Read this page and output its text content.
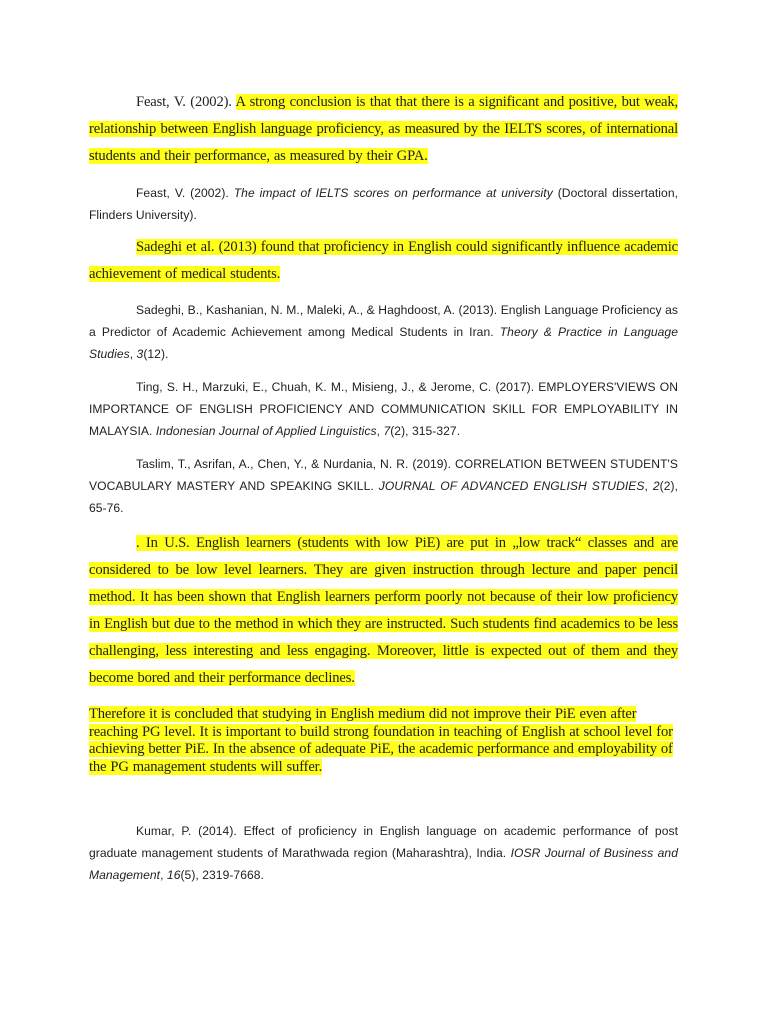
Feast, V. (2002). A strong conclusion is that that there is a significant and positive, but weak, relationship between English language proficiency, as measured by the IELTS scores, of international students and their performance, as measured by their GPA.

Feast, V. (2002). The impact of IELTS scores on performance at university (Doctoral dissertation, Flinders University).

Sadeghi et al. (2013) found that proficiency in English could significantly influence academic achievement of medical students.

Sadeghi, B., Kashanian, N. M., Maleki, A., & Haghdoost, A. (2013). English Language Proficiency as a Predictor of Academic Achievement among Medical Students in Iran. Theory & Practice in Language Studies, 3(12).

Ting, S. H., Marzuki, E., Chuah, K. M., Misieng, J., & Jerome, C. (2017). EMPLOYERS'VIEWS ON IMPORTANCE OF ENGLISH PROFICIENCY AND COMMUNICATION SKILL FOR EMPLOYABILITY IN MALAYSIA. Indonesian Journal of Applied Linguistics, 7(2), 315-327.

Taslim, T., Asrifan, A., Chen, Y., & Nurdania, N. R. (2019). CORRELATION BETWEEN STUDENT'S VOCABULARY MASTERY AND SPEAKING SKILL. JOURNAL OF ADVANCED ENGLISH STUDIES, 2(2), 65-76.

. In U.S. English learners (students with low PiE) are put in „low track“ classes and are considered to be low level learners. They are given instruction through lecture and paper pencil method. It has been shown that English learners perform poorly not because of their low proficiency in English but due to the method in which they are instructed. Such students find academics to be less challenging, less interesting and less engaging. Moreover, little is expected out of them and they become bored and their performance declines.

Therefore it is concluded that studying in English medium did not improve their PiE even after reaching PG level. It is important to build strong foundation in teaching of English at school level for achieving better PiE. In the absence of adequate PiE, the academic performance and employability of the PG management students will suffer.

Kumar, P. (2014). Effect of proficiency in English language on academic performance of post graduate management students of Marathwada region (Maharashtra), India. IOSR Journal of Business and Management, 16(5), 2319-7668.
